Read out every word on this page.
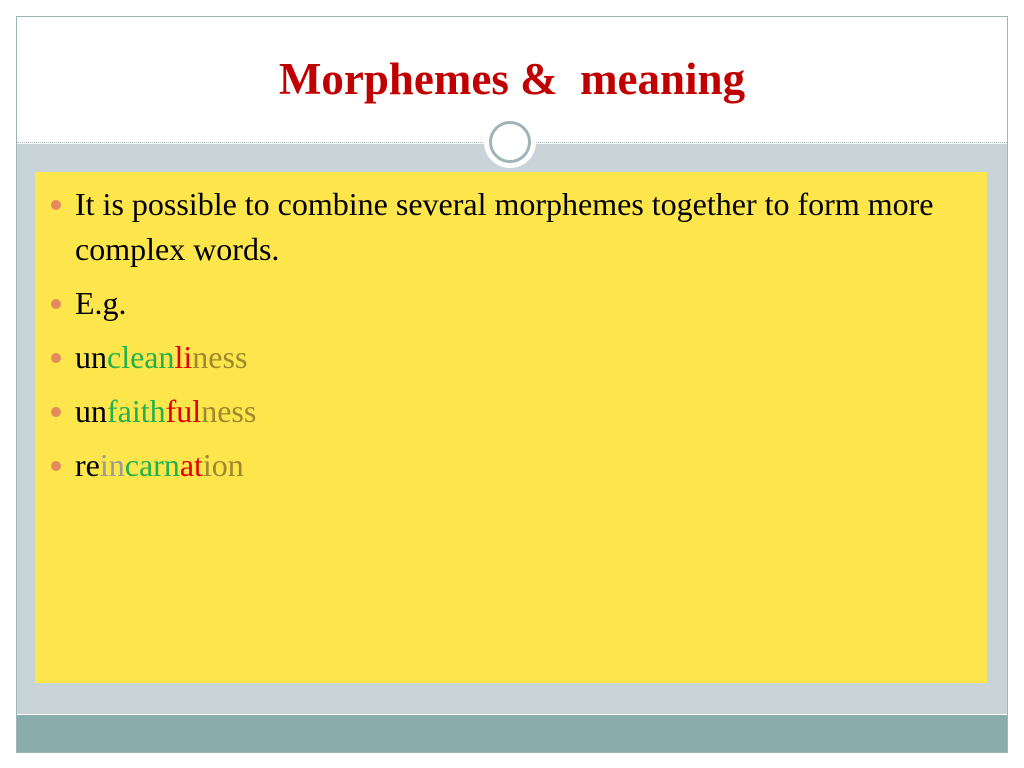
Morphemes &  meaning
It is possible to combine several morphemes together to form more complex words.
E.g.
uncleanliness
unfaithfulness
reincarnation
